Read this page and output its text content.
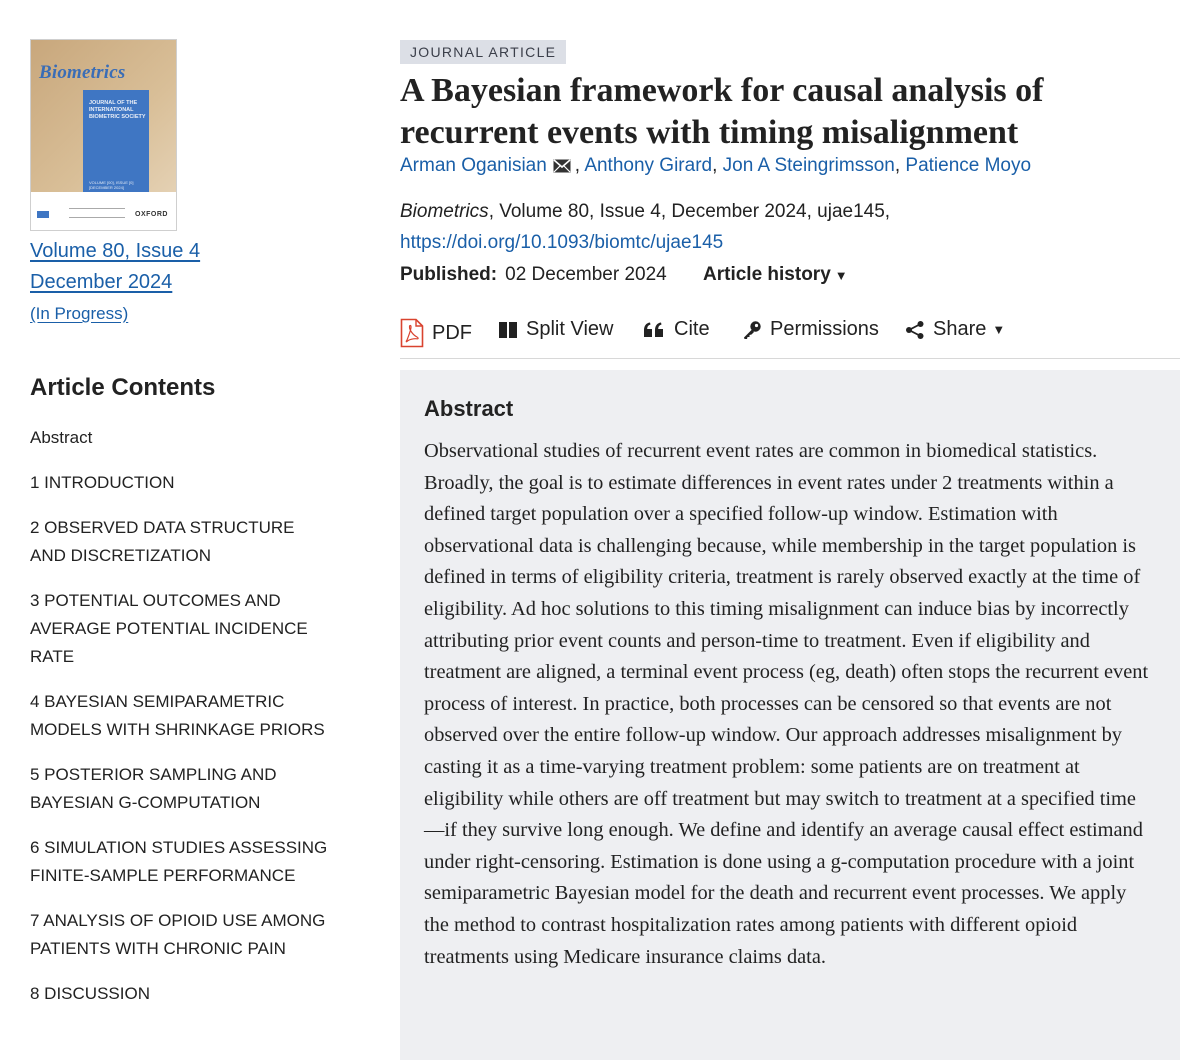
Biometrics
JOURNAL OF THE INTERNATIONAL BIOMETRIC SOCIETY
VOLUME [00], ISSUE [0] [DECEMBER 2024]
OXFORD
Volume 80, Issue 4
December 2024
(In Progress)
Article Contents
Abstract
1 INTRODUCTION
2 OBSERVED DATA STRUCTURE AND DISCRETIZATION
3 POTENTIAL OUTCOMES AND AVERAGE POTENTIAL INCIDENCE RATE
4 BAYESIAN SEMIPARAMETRIC MODELS WITH SHRINKAGE PRIORS
5 POSTERIOR SAMPLING AND BAYESIAN G-COMPUTATION
6 SIMULATION STUDIES ASSESSING FINITE-SAMPLE PERFORMANCE
7 ANALYSIS OF OPIOID USE AMONG PATIENTS WITH CHRONIC PAIN
8 DISCUSSION
JOURNAL ARTICLE
A Bayesian framework for causal analysis of recurrent events with timing misalignment
Arman Oganisian , Anthony Girard, Jon A Steingrimsson, Patience Moyo
Biometrics, Volume 80, Issue 4, December 2024, ujae145,
https://doi.org/10.1093/biomtc/ujae145
Published: 02 December 2024 Article history ▼
PDF	Split View	Cite	Permissions	Share ▼
Abstract

Observational studies of recurrent event rates are common in biomedical statistics. Broadly, the goal is to estimate differences in event rates under 2 treatments within a defined target population over a specified follow-up window. Estimation with observational data is challenging because, while membership in the target population is defined in terms of eligibility criteria, treatment is rarely observed exactly at the time of eligibility. Ad hoc solutions to this timing misalignment can induce bias by incorrectly attributing prior event counts and person-time to treatment. Even if eligibility and treatment are aligned, a terminal event process (eg, death) often stops the recurrent event process of interest. In practice, both processes can be censored so that events are not observed over the entire follow-up window. Our approach addresses misalignment by casting it as a time-varying treatment problem: some patients are on treatment at eligibility while others are off treatment but may switch to treatment at a specified time—if they survive long enough. We define and identify an average causal effect estimand under right-censoring. Estimation is done using a g-computation procedure with a joint semiparametric Bayesian model for the death and recurrent event processes. We apply the method to contrast hospitalization rates among patients with different opioid treatments using Medicare insurance claims data.
